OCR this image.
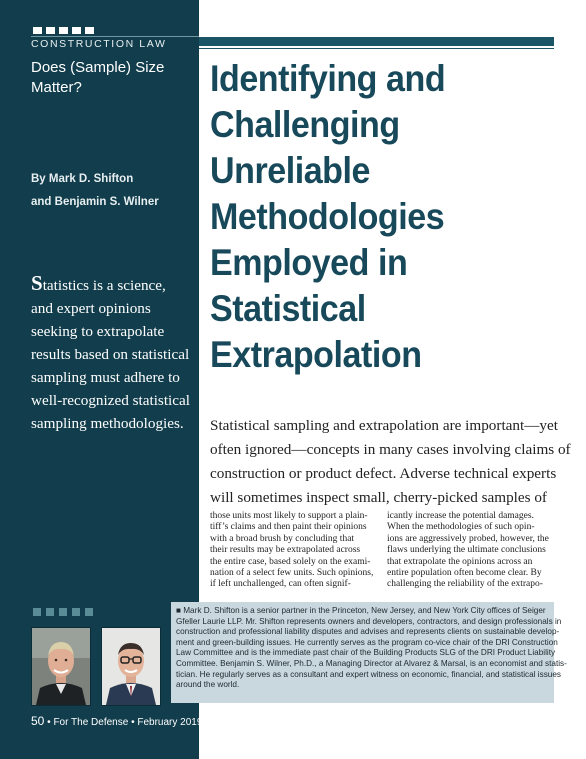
CONSTRUCTION LAW
Does (Sample) Size Matter?
By Mark D. Shifton
and Benjamin S. Wilner
Statistics is a science,
and expert opinions
seeking to extrapolate
results based on statistical
sampling must adhere to
well-recognized statistical
sampling methodologies.
Identifying and
Challenging
Unreliable
Methodologies
Employed in
Statistical
Extrapolation
Statistical sampling and extrapolation are important—yet
often ignored—concepts in many cases involving claims of
construction or product defect. Adverse technical experts
will sometimes inspect small, cherry-picked samples of
those units most likely to support a plain-
tiff’s claims and then paint their opinions
with a broad brush by concluding that
their results may be extrapolated across
the entire case, based solely on the exami-
nation of a select few units. Such opinions,
if left unchallenged, can often signif-
icantly increase the potential damages.
When the methodologies of such opin-
ions are aggressively probed, however, the
flaws underlying the ultimate conclusions
that extrapolate the opinions across an
entire population often become clear. By
challenging the reliability of the extrapo-
■ Mark D. Shifton is a senior partner in the Princeton, New Jersey, and New York City offices of Seiger
Gfeller Laurie LLP. Mr. Shifton represents owners and developers, contractors, and design professionals in
construction and professional liability disputes and advises and represents clients on sustainable develop-
ment and green-building issues. He currently serves as the program co-vice chair of the DRI Construction
Law Committee and is the immediate past chair of the Building Products SLG of the DRI Product Liability
Committee. Benjamin S. Wilner, Ph.D., a Managing Director at Alvarez & Marsal, is an economist and statis-
tician. He regularly serves as a consultant and expert witness on economic, financial, and statistical issues
around the world.
50 • For The Defense • February 2019
